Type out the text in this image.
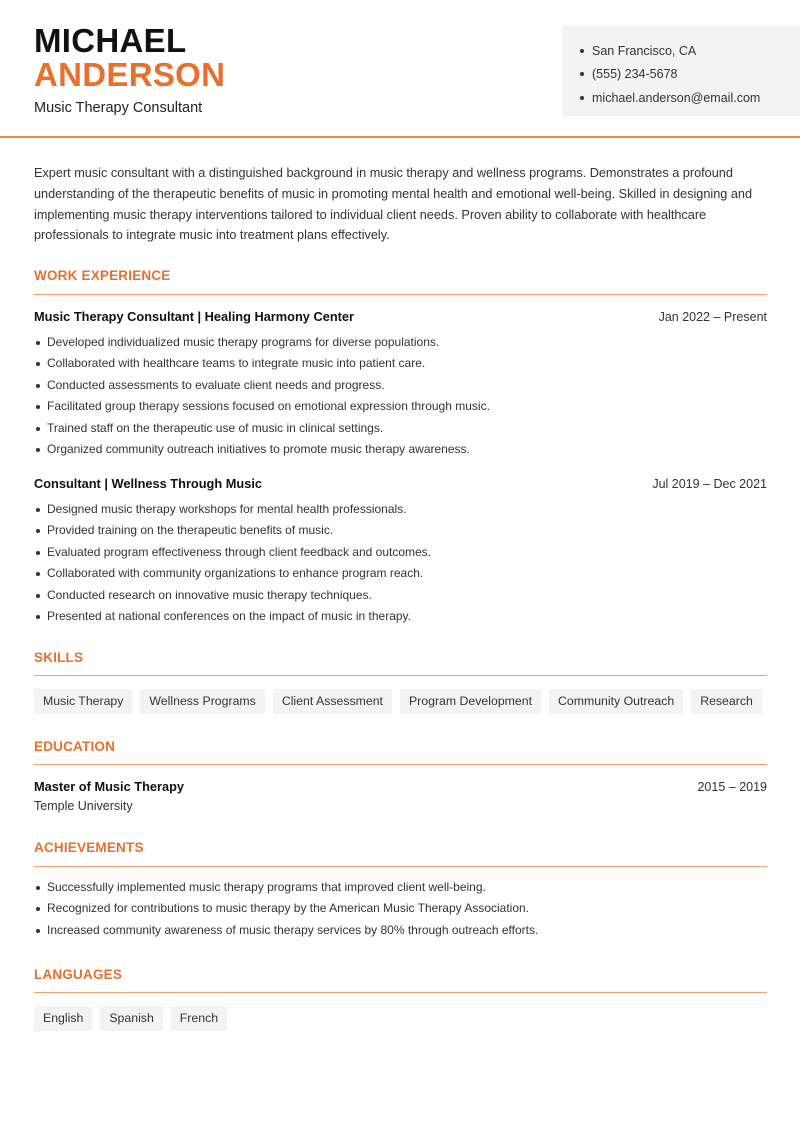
MICHAEL
ANDERSON
Music Therapy Consultant
San Francisco, CA
(555) 234-5678
michael.anderson@email.com

Expert music consultant with a distinguished background in music therapy and wellness programs. Demonstrates a profound understanding of the therapeutic benefits of music in promoting mental health and emotional well-being. Skilled in designing and implementing music therapy interventions tailored to individual client needs. Proven ability to collaborate with healthcare professionals to integrate music into treatment plans effectively.

WORK EXPERIENCE
Music Therapy Consultant | Healing Harmony Center	Jan 2022 – Present
Developed individualized music therapy programs for diverse populations.
Collaborated with healthcare teams to integrate music into patient care.
Conducted assessments to evaluate client needs and progress.
Facilitated group therapy sessions focused on emotional expression through music.
Trained staff on the therapeutic use of music in clinical settings.
Organized community outreach initiatives to promote music therapy awareness.
Consultant | Wellness Through Music	Jul 2019 – Dec 2021
Designed music therapy workshops for mental health professionals.
Provided training on the therapeutic benefits of music.
Evaluated program effectiveness through client feedback and outcomes.
Collaborated with community organizations to enhance program reach.
Conducted research on innovative music therapy techniques.
Presented at national conferences on the impact of music in therapy.
SKILLS
Music Therapy	Wellness Programs	Client Assessment	Program Development	Community Outreach	Research
EDUCATION
Master of Music Therapy	2015 – 2019
Temple University
ACHIEVEMENTS
Successfully implemented music therapy programs that improved client well-being.
Recognized for contributions to music therapy by the American Music Therapy Association.
Increased community awareness of music therapy services by 80% through outreach efforts.
LANGUAGES
English	Spanish	French
